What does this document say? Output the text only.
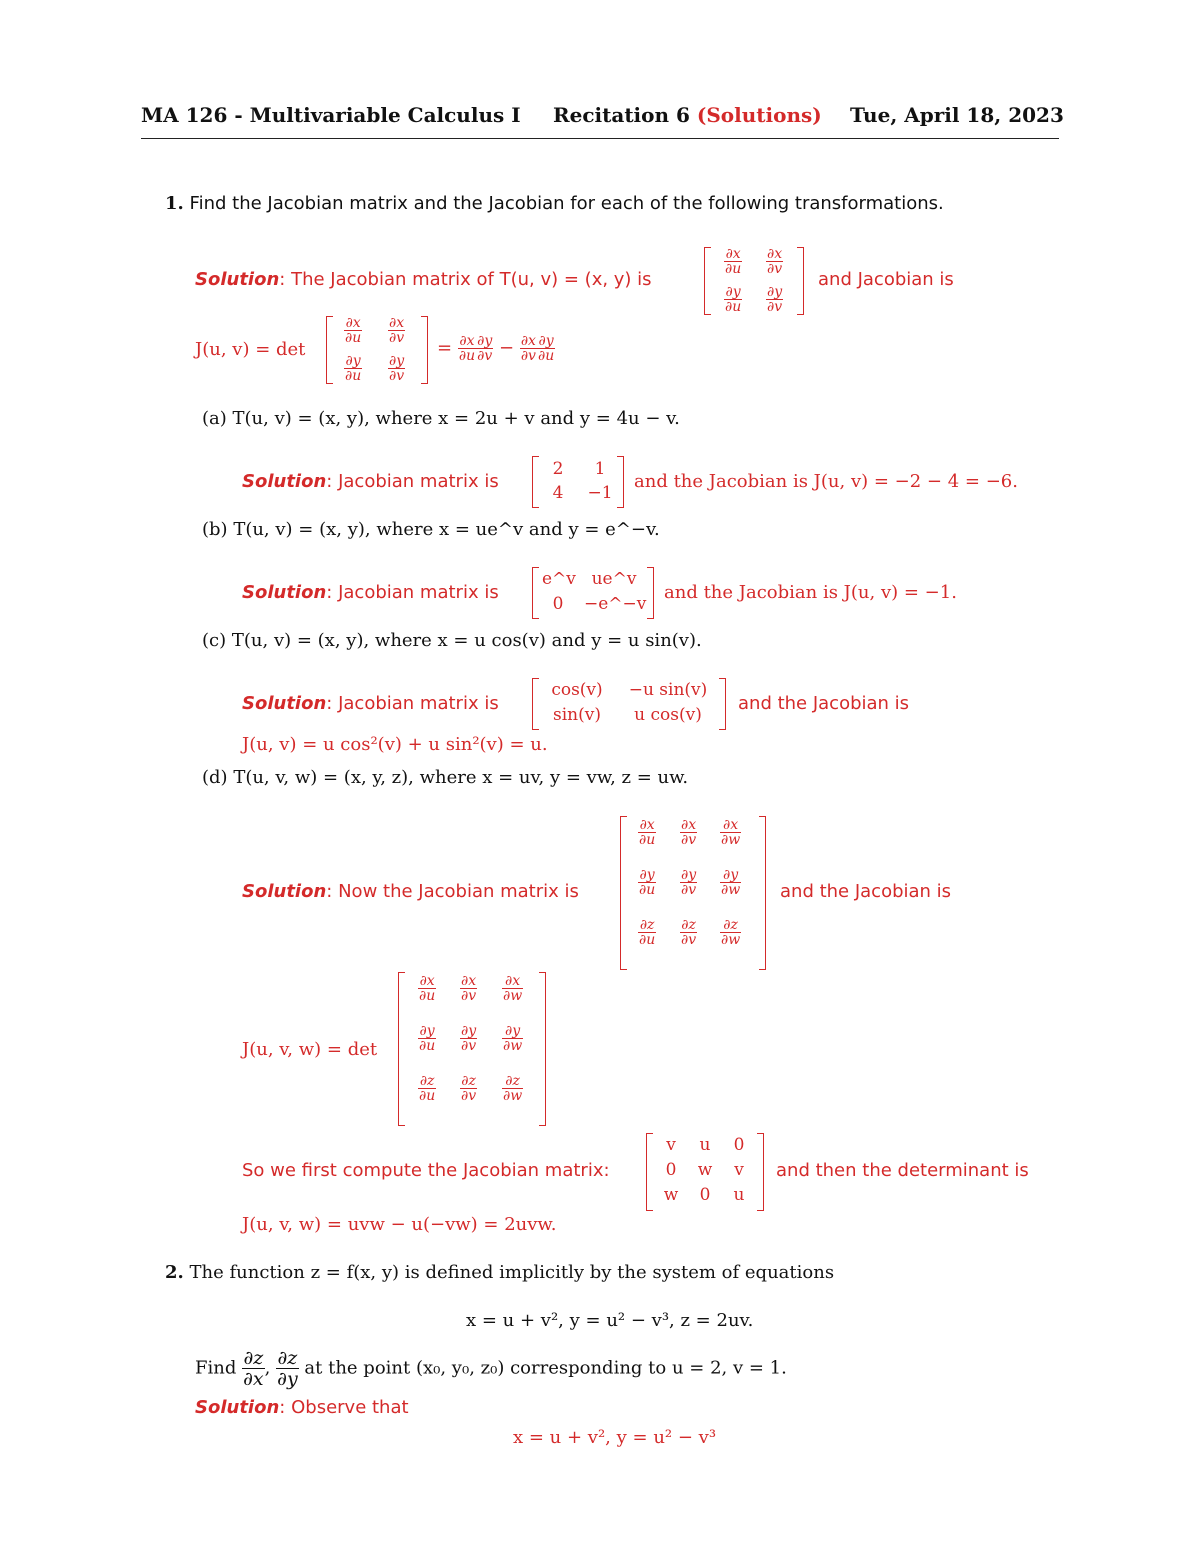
MA 126 - Multivariable Calculus I Recitation 6 (Solutions) Tue, April 18, 2023
1. Find the Jacobian matrix and the Jacobian for each of the following transformations.
Solution: The Jacobian matrix of T(u, v) = (x, y) is
$\frac{\partial x}{\partial u} \frac{\partial x}{\partial v}$
$\frac{\partial y}{\partial u} \frac{\partial y}{\partial v}$
and Jacobian is
J(u, v) = det
$\frac{\partial x}{\partial u} \frac{\partial x}{\partial v}$
$\frac{\partial y}{\partial u} \frac{\partial y}{\partial v}$
= $\frac{\partial x}{\partial u} \frac{\partial y}{\partial v} - \frac{\partial x}{\partial v} \frac{\partial y}{\partial u}$
(a) T(u, v) = (x, y), where x = 2u + v and y = 4u − v.
Solution: Jacobian matrix is
2	1
4	−1
and the Jacobian is J(u, v) = −2 − 4 = −6.
(b) T(u, v) = (x, y), where x = ue^v and y = e^−v.
Solution: Jacobian matrix is
e^v ue^v
0	−e^−v
and the Jacobian is J(u, v) = −1.
(c) T(u, v) = (x, y), where x = u cos(v) and y = u sin(v).
Solution: Jacobian matrix is
cos(v)	−u sin(v)
sin(v)	u cos(v)
and the Jacobian is
J(u, v) = u cos²(v) + u sin²(v) = u.
(d) T(u, v, w) = (x, y, z), where x = uv, y = vw, z = uw.
Solution: Now the Jacobian matrix is
$\frac{\partial x}{\partial u} \frac{\partial x}{\partial v} \frac{\partial x}{\partial w}$
$\frac{\partial y}{\partial u} \frac{\partial y}{\partial v} \frac{\partial y}{\partial w}$
$\frac{\partial z}{\partial u} \frac{\partial z}{\partial v} \frac{\partial z}{\partial w}$
and the Jacobian is
J(u, v, w) = det
$\frac{\partial x}{\partial u} \frac{\partial x}{\partial v} \frac{\partial x}{\partial w}$
$\frac{\partial y}{\partial u} \frac{\partial y}{\partial v} \frac{\partial y}{\partial w}$
$\frac{\partial z}{\partial u} \frac{\partial z}{\partial v} \frac{\partial z}{\partial w}$
So we first compute the Jacobian matrix:
v	u	0
0	w	v
w	0	u
and then the determinant is
J(u, v, w) = uvw − u(−vw) = 2uvw.
2. The function z = f(x, y) is defined implicitly by the system of equations
x = u + v², y = u² − v³, z = 2uv.
Find $\frac{\partial z}{\partial x}$ , $\frac{\partial z}{\partial y}$ at the point (x₀, y₀, z₀) corresponding to u = 2, v = 1.
Solution: Observe that
x = u + v², y = u² − v³
